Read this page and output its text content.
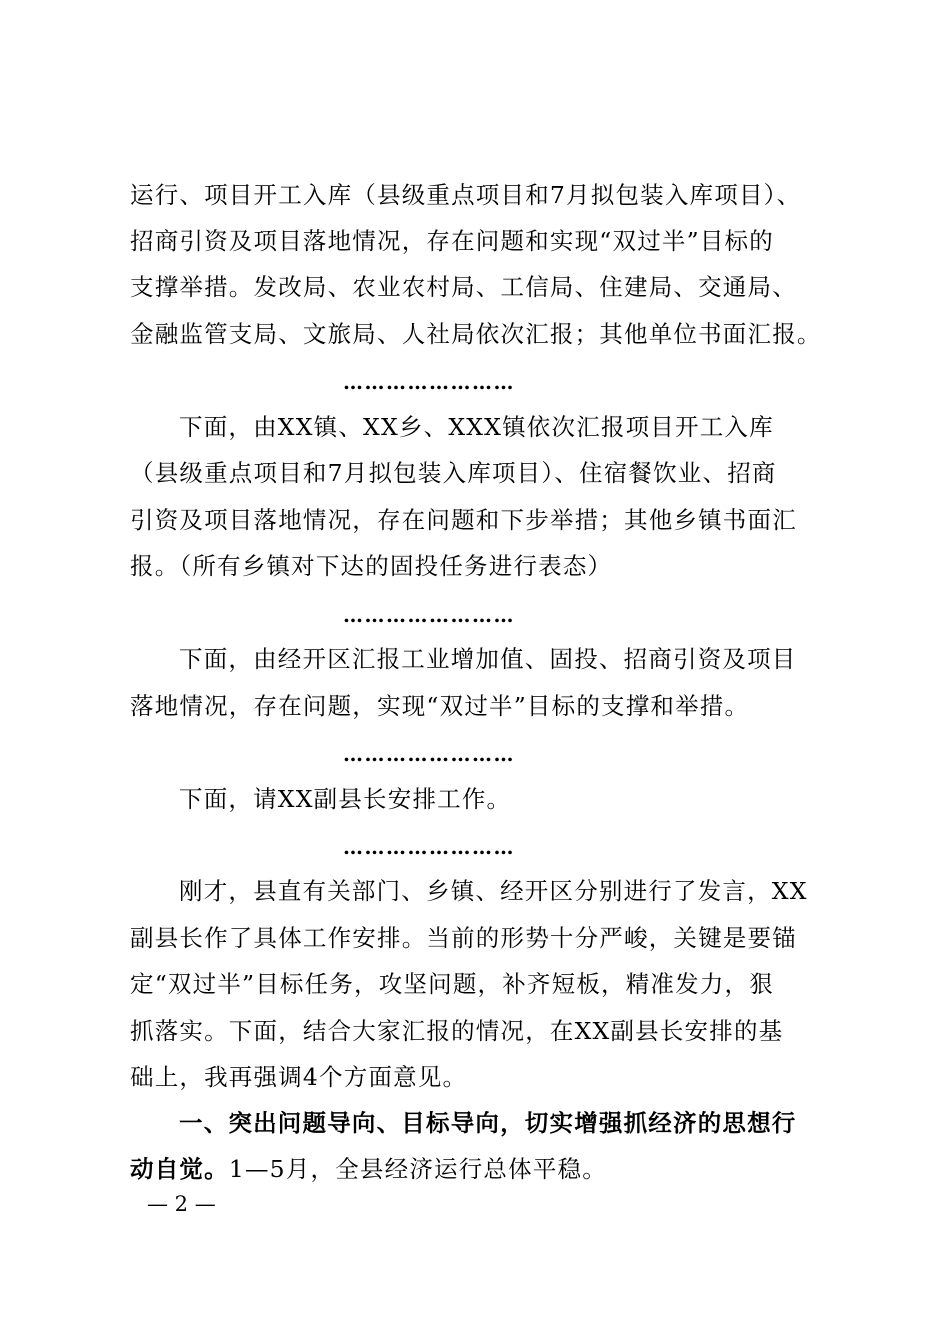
运行、项目开工入库（县级重点项目和7月拟包装入库项目）、
招商引资及项目落地情况，存在问题和实现“双过半”目标的
支撑举措。发改局、农业农村局、工信局、住建局、交通局、
金融监管支局、文旅局、人社局依次汇报；其他单位书面汇报。
……………………
下面，由XX镇、XX乡、XXX镇依次汇报项目开工入库
（县级重点项目和7月拟包装入库项目）、住宿餐饮业、招商
引资及项目落地情况，存在问题和下步举措；其他乡镇书面汇
报。（所有乡镇对下达的固投任务进行表态）
……………………
下面，由经开区汇报工业增加值、固投、招商引资及项目
落地情况，存在问题，实现“双过半”目标的支撑和举措。
……………………
下面，请XX副县长安排工作。
……………………
刚才，县直有关部门、乡镇、经开区分别进行了发言，XX
副县长作了具体工作安排。当前的形势十分严峻，关键是要锚
定“双过半”目标任务，攻坚问题，补齐短板，精准发力，狠
抓落实。下面，结合大家汇报的情况，在XX副县长安排的基
础上，我再强调4个方面意见。
一、突出问题导向、目标导向，切实增强抓经济的思想行
动自觉。1—5月，全县经济运行总体平稳。
— 2 —
